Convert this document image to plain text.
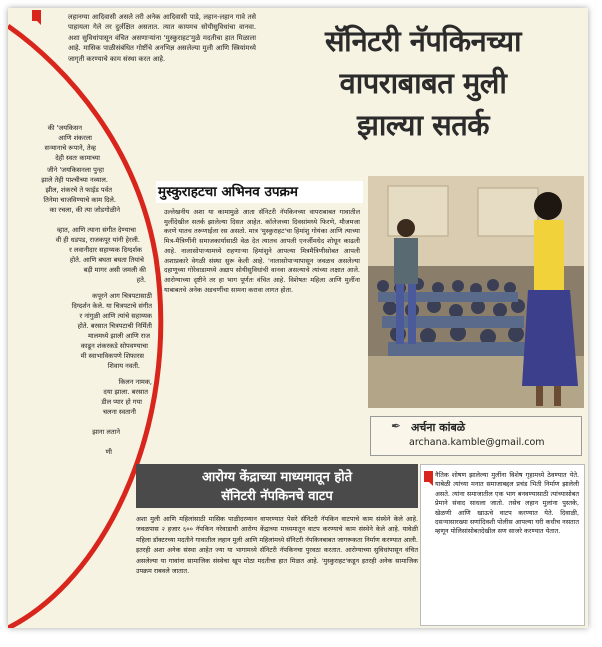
की 'जयकिसन
आणि शंकरला
सन्मानाचे रूपाने, तेव्ह
देही स्वतः कामाच्या
जीने 'जयकिसनला पुन्हा
झाले तेही पाश्चीच्या नव्याल.
झील, शंकरचे ते फाईड पर्वत
तिनेमा चाजविण्याचे काम दिले.
का रचला, की त्या जोडगोळीने
व्हात, आणि त्याना संगीत देण्याचा
वी ही धडपड, राजकपूर यांनी हेरली.
र लवानीदार सहाय्यक दिग्दर्शक
होते. आणि बघता बघता तियांचे
बड़ी मागर असी जमली की
हते.
कपूरने आग चित्रपटासाठी
दिग्दर्शन केले. या चित्रपटाचे संगीत
र नांगुळी आणि त्यांचे सहाय्यक
होते. बरसात चित्रपटाची निर्मिती
मालमध्ये झाली आणि राज
काढून शंकरकडे सोपवण्याचा
मी स्वाभाविकपणे शिफारस
शिवाय नवती.
किलन नामक,
दया झाला. बरसात
डील प्यार हो गया
चलना स्वतानी
झाना लताने
णी

लहानग्या आदिवासी असले तरी अनेक आदिवासी पाडे, लहान-लहान गावे तसे पाहायला गेले तर दुर्लक्षित असतात. त्यात कायमच सोयीसुविधांचा वानवा. अशा सुविधांपासून वंचित असणाऱ्यांना 'मुस्कुराहट'मुळे मदतीचा हात मिळाला आहे. मासिक पाळीसंबंधित गोष्टींचे अनभिज्ञ असलेल्या मुली आणि स्त्रियांमध्ये जागृती करण्याचे काम संस्था करत आहे.

सॅनिटरी नॅपकिनच्या
वापराबाबत मुली
झाल्या सतर्क
मुस्कुराहटचा अभिनव उपक्रम

उल्लेखनीय अशा या कामामुळे आता सॅनिटरी नॅपकिनच्या वापराबाबत गावातील मुलींदेखील सतर्क झालेल्या दिसत आहेत. कॉलेजच्या दिवसांमध्ये फिरणे, मौजमजा करणे यातच तरूणाईला रस असतो. मात्र 'मुस्कुराहट'चा हिमांशु गोयंका आणि त्याच्या मित्र-मैत्रिणींनी समाजकार्यासाठी वेळ देत त्यातच आपली एनर्जीमधेद शोधून काढली आहे. नालासोपाऱ्यामध्ये राहणाऱ्या हिमांशुने आपल्या मित्रमैत्रिणीसोबत आपली अशाप्रकारे वेगळी संस्था सुरू केली आहे. 'नालासोपाऱ्यापासून जवळच असलेल्या दहाणूच्या गोरेवाडामध्ये अद्याप सोयीसुविधांची वानवा असल्याचे त्यांच्या लक्षात आले. आरोग्याच्या दृष्टीने तर हा भाग पूर्णतः वंचित आहे. विशेषतः महिला आणि मुलींना याबाबतचे अनेक अडचणींचा सामना करावा लागत होता.

✒ अर्चना कांबळे
archana.kamble@gmail.com
आरोग्य केंद्राच्या माध्यमातून होते
सॅनिटरी नॅपकिनचे वाटप

अशा मुली आणि महिलांसाठी मासिक पाळीदरम्यान वापरण्यात पेसरे सॅनिटरी नॅपकिन वाटपाचे काम संस्थेने केले आहे. जवळपास २ हजार ६०० नॅपकिन नरेवाडाची आरोग्य केंद्राच्या माध्यमातून वाटप करण्याचे काम संस्थेने केले आहे. यावेळी महिला डॉक्टरच्या मदतीने गावातील लहान मुली आणि महिलांमध्ये सॅनिटरी नॅपकिनबाबत जागरूकता निर्माण करण्यात आली. इतरही अशा अनेक संस्था आहेत ज्या या भागामध्ये सॅनिटरी नॅपकिनचा पुरवठा करतात. आरोग्याच्या सुविधांपासून वंचित असलेल्या या गावांना सामाजिक संस्थेचा खूप मोठा मदतीचा हात मिळत आहे. 'मुस्कुराहट'कडून इतरही अनेक सामाजिक उपक्रम राबवले जातात.

नैतिक शोषण झालेल्या मुलींना विशेष गृहामध्ये ठेवण्यात येते. याबेळी त्यांच्या मनात समाजाबद्दल प्रचंड भिती निर्माण झालेली असते. त्यांना समाजातील एक भाग बनवण्यासाठी त्यांच्यासोबत प्रेमाने संवाद साधला जातो. तसेच लहान मुलांना पुस्तके, खेळणी आणि खाऊचे वाटप करण्यात येते. दिवाळी, दसऱ्यासारख्या सणांदिवशी पोलीस आपल्या घरी कधीच नसतात म्हणून पोलिसांसोबतदेखील सण साजरे करण्यात येतात.
